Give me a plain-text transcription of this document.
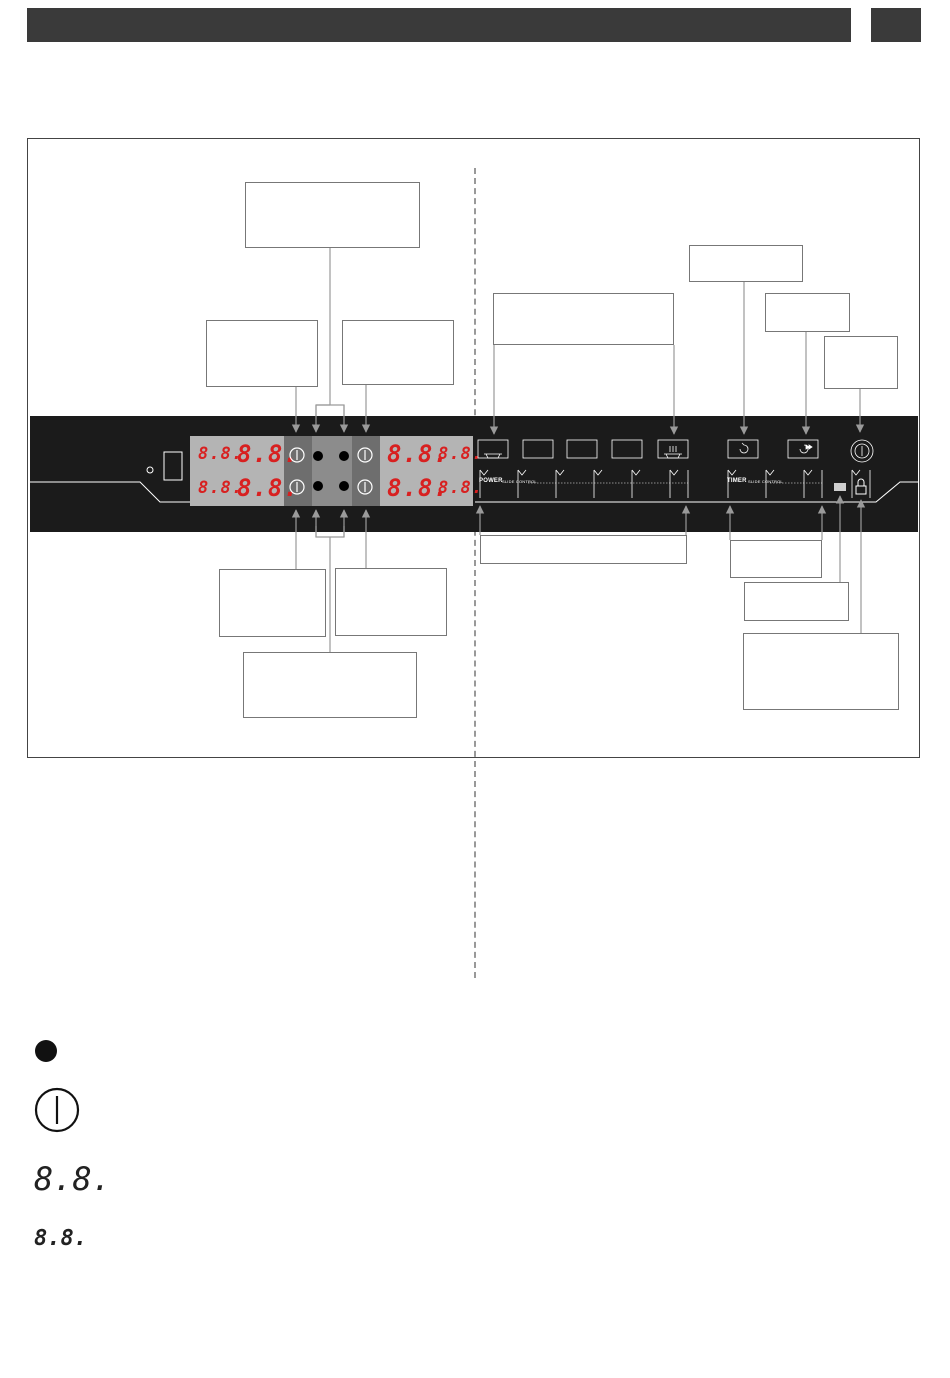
8.8.
8.8.
8.8.
8.8.
8.8.
8.8.
8.8.
8.8.
POWER SLIDE CONTROL	TIMER SLIDE CONTROL
8.8.
8.8.
